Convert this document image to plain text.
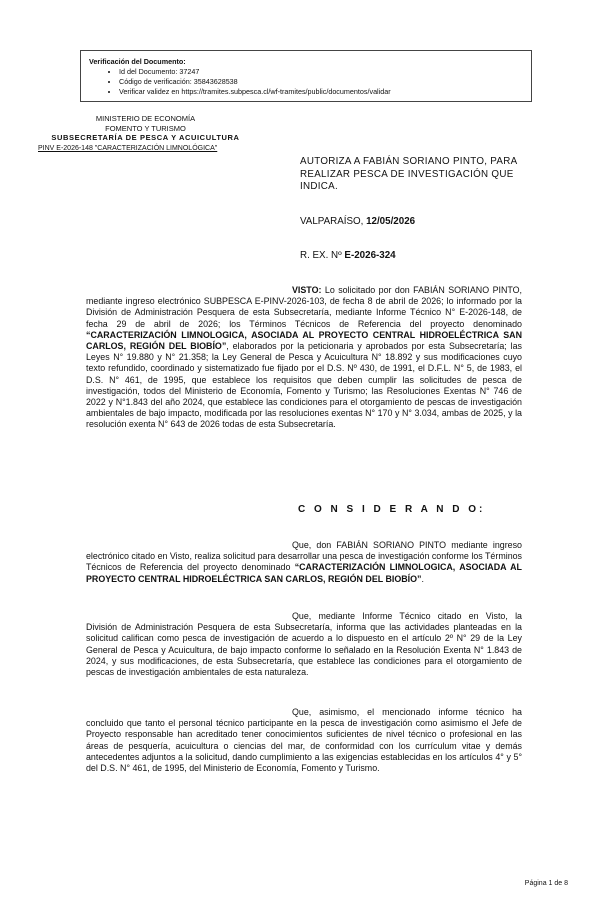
Verificación del Documento:
• Id del Documento: 37247
• Código de verificación: 35843628538
• Verificar validez en https://tramites.subpesca.cl/wf-tramites/public/documentos/validar
MINISTERIO DE ECONOMÍA
FOMENTO Y TURISMO
SUBSECRETARÍA DE PESCA Y ACUICULTURA
PINV E-2026-148 "CARACTERIZACIÓN LIMNOLÓGICA"
AUTORIZA A FABIÁN SORIANO PINTO, PARA REALIZAR PESCA DE INVESTIGACIÓN QUE INDICA.
VALPARAÍSO, 12/05/2026
R. EX. Nº E-2026-324
VISTO: Lo solicitado por don FABIÁN SORIANO PINTO, mediante ingreso electrónico SUBPESCA E-PINV-2026-103, de fecha 8 de abril de 2026; lo informado por la División de Administración Pesquera de esta Subsecretaría, mediante Informe Técnico N° E-2026-148, de fecha 29 de abril de 2026; los Términos Técnicos de Referencia del proyecto denominado “CARACTERIZACIÓN LIMNOLOGICA, ASOCIADA AL PROYECTO CENTRAL HIDROELÉCTRICA SAN CARLOS, REGIÓN DEL BIOBÍO”, elaborados por la peticionaria y aprobados por esta Subsecretaría; las Leyes N° 19.880 y N° 21.358; la Ley General de Pesca y Acuicultura N° 18.892 y sus modificaciones cuyo texto refundido, coordinado y sistematizado fue fijado por el D.S. Nº 430, de 1991, el D.F.L. N° 5, de 1983, el D.S. N° 461, de 1995, que establece los requisitos que deben cumplir las solicitudes de pesca de investigación, todos del Ministerio de Economía, Fomento y Turismo; las Resoluciones Exentas N° 746 de 2022 y N°1.843 del año 2024, que establece las condiciones para el otorgamiento de pescas de investigación ambientales de bajo impacto, modificada por las resoluciones exentas N° 170 y N° 3.034, ambas de 2025, y la resolución exenta N° 643 de 2026 todas de esta Subsecretaría.
C O N S I D E R A N D O:
Que, don FABIÁN SORIANO PINTO mediante ingreso electrónico citado en Visto, realiza solicitud para desarrollar una pesca de investigación conforme los Términos Técnicos de Referencia del proyecto denominado “CARACTERIZACIÓN LIMNOLOGICA, ASOCIADA AL PROYECTO CENTRAL HIDROELÉCTRICA SAN CARLOS, REGIÓN DEL BIOBÍO”.
Que, mediante Informe Técnico citado en Visto, la División de Administración Pesquera de esta Subsecretaría, informa que las actividades planteadas en la solicitud califican como pesca de investigación de acuerdo a lo dispuesto en el artículo 2º N° 29 de la Ley General de Pesca y Acuicultura, de bajo impacto conforme lo señalado en la Resolución Exenta N° 1.843 de 2024, y sus modificaciones, de esta Subsecretaría, que establece las condiciones para el otorgamiento de pescas de investigación ambientales de esta naturaleza.
Que, asimismo, el mencionado informe técnico ha concluido que tanto el personal técnico participante en la pesca de investigación como asimismo el Jefe de Proyecto responsable han acreditado tener conocimientos suficientes de nivel técnico o profesional en las áreas de pesquería, acuicultura o ciencias del mar, de conformidad con los currículum vitae y demás antecedentes adjuntos a la solicitud, dando cumplimiento a las exigencias establecidas en los artículos 4° y 5° del D.S. N° 461, de 1995, del Ministerio de Economía, Fomento y Turismo.
Página 1 de 8
